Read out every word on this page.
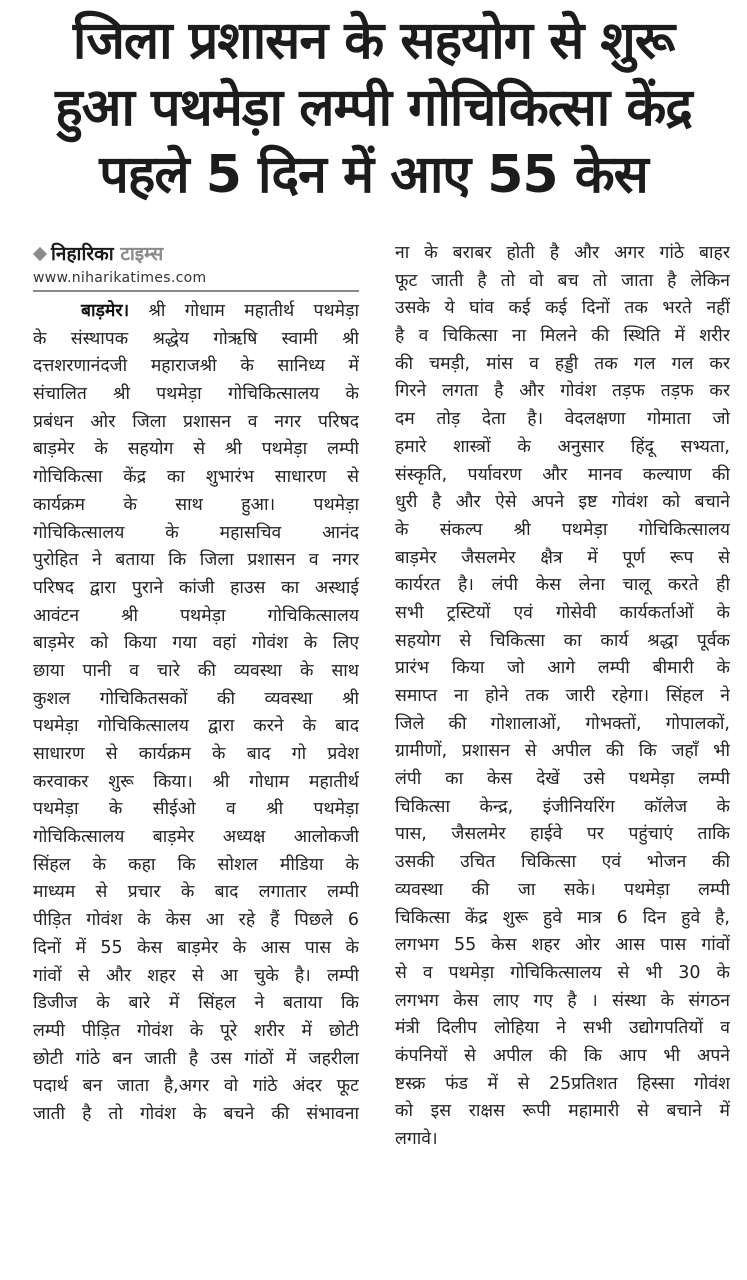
जिला प्रशासन के सहयोग से शुरू
हुआ पथमेड़ा लम्पी गोचिकित्सा केंद्र
पहले 5 दिन में आए 55 केस
निहारिका टाइम्स
www.niharikatimes.com
बाड़मेर। श्री गोधाम महातीर्थ पथमेड़ा
के संस्थापक श्रद्धेय गोऋषि स्वामी श्री
दत्तशरणानंदजी महाराजश्री के सानिध्य में
संचालित श्री पथमेड़ा गोचिकित्सालय के
प्रबंधन ओर जिला प्रशासन व नगर परिषद
बाड़मेर के सहयोग से श्री पथमेड़ा लम्पी
गोचिकित्सा केंद्र का शुभारंभ साधारण से
कार्यक्रम के साथ हुआ। पथमेड़ा
गोचिकित्सालय के महासचिव आनंद
पुरोहित ने बताया कि जिला प्रशासन व नगर
परिषद द्वारा पुराने कांजी हाउस का अस्थाई
आवंटन श्री पथमेड़ा गोचिकित्सालय
बाड़मेर को किया गया वहां गोवंश के लिए
छाया पानी व चारे की व्यवस्था के साथ
कुशल गोचिकितसकों की व्यवस्था श्री
पथमेड़ा गोचिकित्सालय द्वारा करने के बाद
साधारण से कार्यक्रम के बाद गो प्रवेश
करवाकर शुरू किया। श्री गोधाम महातीर्थ
पथमेड़ा के सीईओ व श्री पथमेड़ा
गोचिकित्सालय बाड़मेर अध्यक्ष आलोकजी
सिंहल के कहा कि सोशल मीडिया के
माध्यम से प्रचार के बाद लगातार लम्पी
पीड़ित गोवंश के केस आ रहे हैं पिछले 6
दिनों में 55 केस बाड़मेर के आस पास के
गांवों से और शहर से आ चुके है। लम्पी
डिजीज के बारे में सिंहल ने बताया कि
लम्पी पीड़ित गोवंश के पूरे शरीर में छोटी
छोटी गांठे बन जाती है उस गांठों में जहरीला
पदार्थ बन जाता है,अगर वो गांठे अंदर फूट
जाती है तो गोवंश के बचने की संभावना
ना के बराबर होती है और अगर गांठे बाहर
फूट जाती है तो वो बच तो जाता है लेकिन
उसके ये घांव कई कई दिनों तक भरते नहीं
है व चिकित्सा ना मिलने की स्थिति में शरीर
की चमड़ी, मांस व हड्डी तक गल गल कर
गिरने लगता है और गोवंश तड़फ तड़फ कर
दम तोड़ देता है। वेदलक्षणा गोमाता जो
हमारे शास्त्रों के अनुसार हिंदू सभ्यता,
संस्कृति, पर्यावरण और मानव कल्याण की
धुरी है और ऐसे अपने इष्ट गोवंश को बचाने
के संकल्प श्री पथमेड़ा गोचिकित्सालय
बाड़मेर जैसलमेर क्षैत्र में पूर्ण रूप से
कार्यरत है। लंपी केस लेना चालू करते ही
सभी ट्रस्टियों एवं गोसेवी कार्यकर्ताओं के
सहयोग से चिकित्सा का कार्य श्रद्धा पूर्वक
प्रारंभ किया जो आगे लम्पी बीमारी के
समाप्त ना होने तक जारी रहेगा। सिंहल ने
जिले की गोशालाओं, गोभक्तों, गोपालकों,
ग्रामीणों, प्रशासन से अपील की कि जहाँ भी
लंपी का केस देखें उसे पथमेड़ा लम्पी
चिकित्सा केन्द्र, इंजीनियरिंग कॉलेज के
पास, जैसलमेर हाईवे पर पहुंचाएं ताकि
उसकी उचित चिकित्सा एवं भोजन की
व्यवस्था की जा सके। पथमेड़ा लम्पी
चिकित्सा केंद्र शुरू हुवे मात्र 6 दिन हुवे है,
लगभग 55 केस शहर ओर आस पास गांवों
से व पथमेड़ा गोचिकित्सालय से भी 30 के
लगभग केस लाए गए है । संस्था के संगठन
मंत्री दिलीप लोहिया ने सभी उद्योगपतियों व
कंपनियों से अपील की कि आप भी अपने
ष्टस्क्र फंड में से 25प्रतिशत हिस्सा गोवंश
को इस राक्षस रूपी महामारी से बचाने में
लगावे।
